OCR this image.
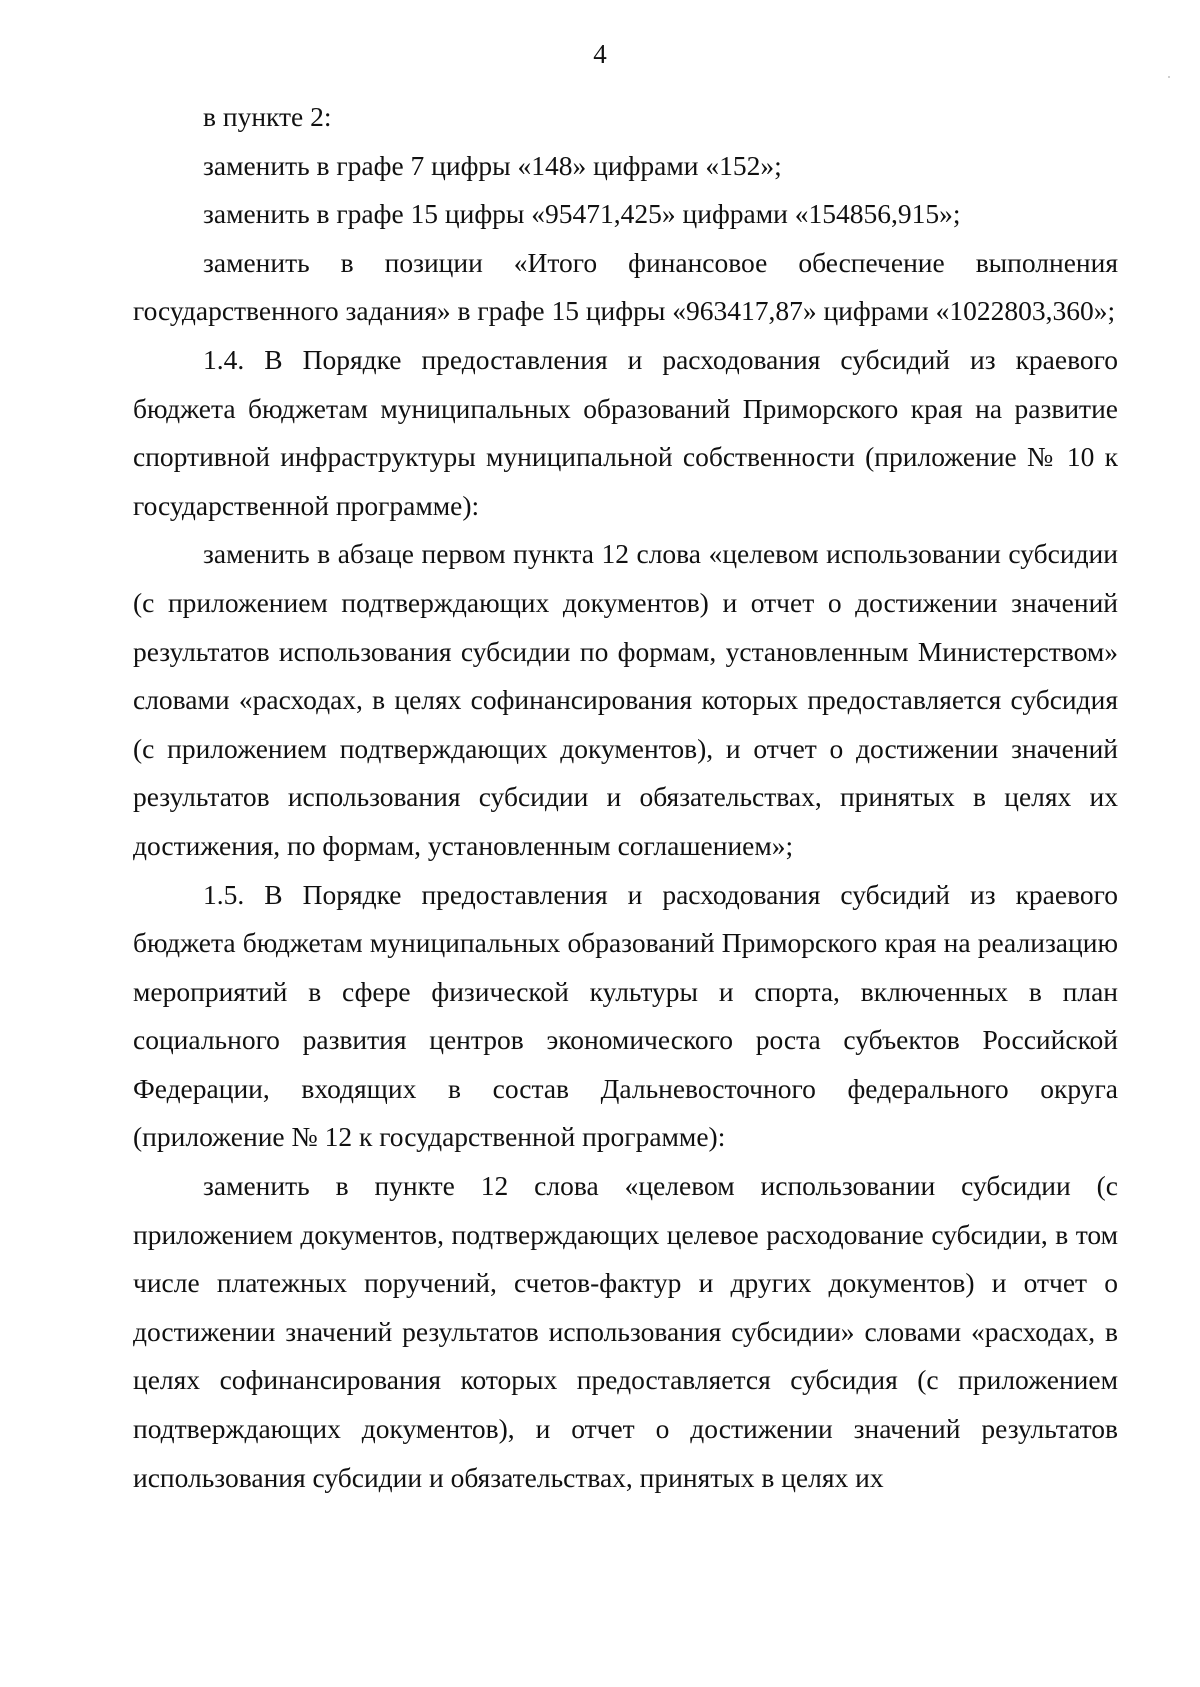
4

в пункте 2:

заменить в графе 7 цифры «148» цифрами «152»;

заменить в графе 15 цифры «95471,425» цифрами «154856,915»;

заменить в позиции «Итого финансовое обеспечение выполнения государственного задания» в графе 15 цифры «963417,87» цифрами «1022803,360»;

1.4. В Порядке предоставления и расходования субсидий из краевого бюджета бюджетам муниципальных образований Приморского края на развитие спортивной инфраструктуры муниципальной собственности (приложение № 10 к государственной программе):

заменить в абзаце первом пункта 12 слова «целевом использовании субсидии (с приложением подтверждающих документов) и отчет о достижении значений результатов использования субсидии по формам, установленным Министерством» словами «расходах, в целях софинансирования которых предоставляется субсидия (с приложением подтверждающих документов), и отчет о достижении значений результатов использования субсидии и обязательствах, принятых в целях их достижения, по формам, установленным соглашением»;

1.5. В Порядке предоставления и расходования субсидий из краевого бюджета бюджетам муниципальных образований Приморского края на реализацию мероприятий в сфере физической культуры и спорта, включенных в план социального развития центров экономического роста субъектов Российской Федерации, входящих в состав Дальневосточного федерального округа (приложение № 12 к государственной программе):

заменить в пункте 12 слова «целевом использовании субсидии (с приложением документов, подтверждающих целевое расходование субсидии, в том числе платежных поручений, счетов-фактур и других документов) и отчет о достижении значений результатов использования субсидии» словами «расходах, в целях софинансирования которых предоставляется субсидия (с приложением подтверждающих документов), и отчет о достижении значений результатов использования субсидии и обязательствах, принятых в целях их
